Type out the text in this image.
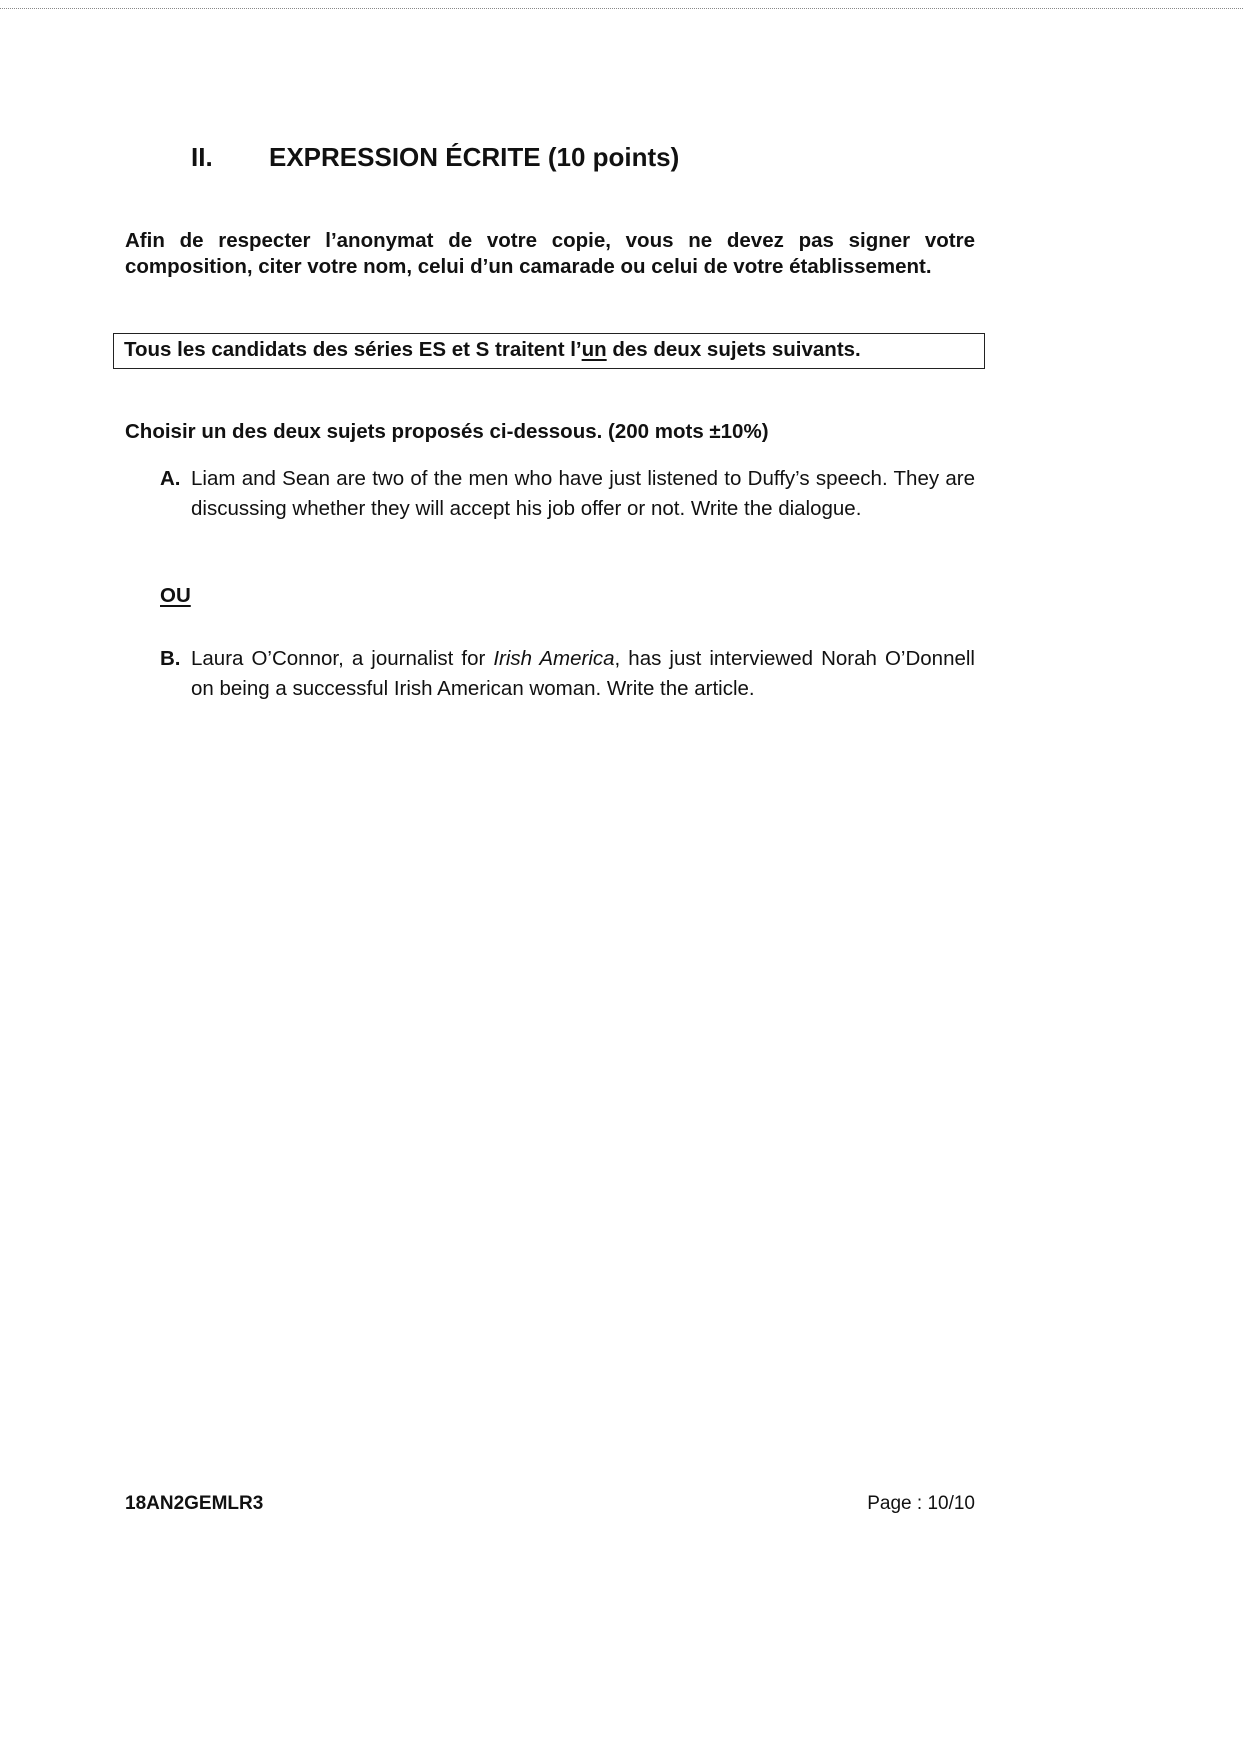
II. EXPRESSION ÉCRITE (10 points)
Afin de respecter l’anonymat de votre copie, vous ne devez pas signer votre composition, citer votre nom, celui d’un camarade ou celui de votre établissement.
Tous les candidats des séries ES et S traitent l’un des deux sujets suivants.
Choisir un des deux sujets proposés ci-dessous. (200 mots ±10%)
A. Liam and Sean are two of the men who have just listened to Duffy’s speech. They are discussing whether they will accept his job offer or not. Write the dialogue.
OU
B. Laura O’Connor, a journalist for Irish America, has just interviewed Norah O’Donnell on being a successful Irish American woman. Write the article.
18AN2GEMLR3	Page : 10/10
